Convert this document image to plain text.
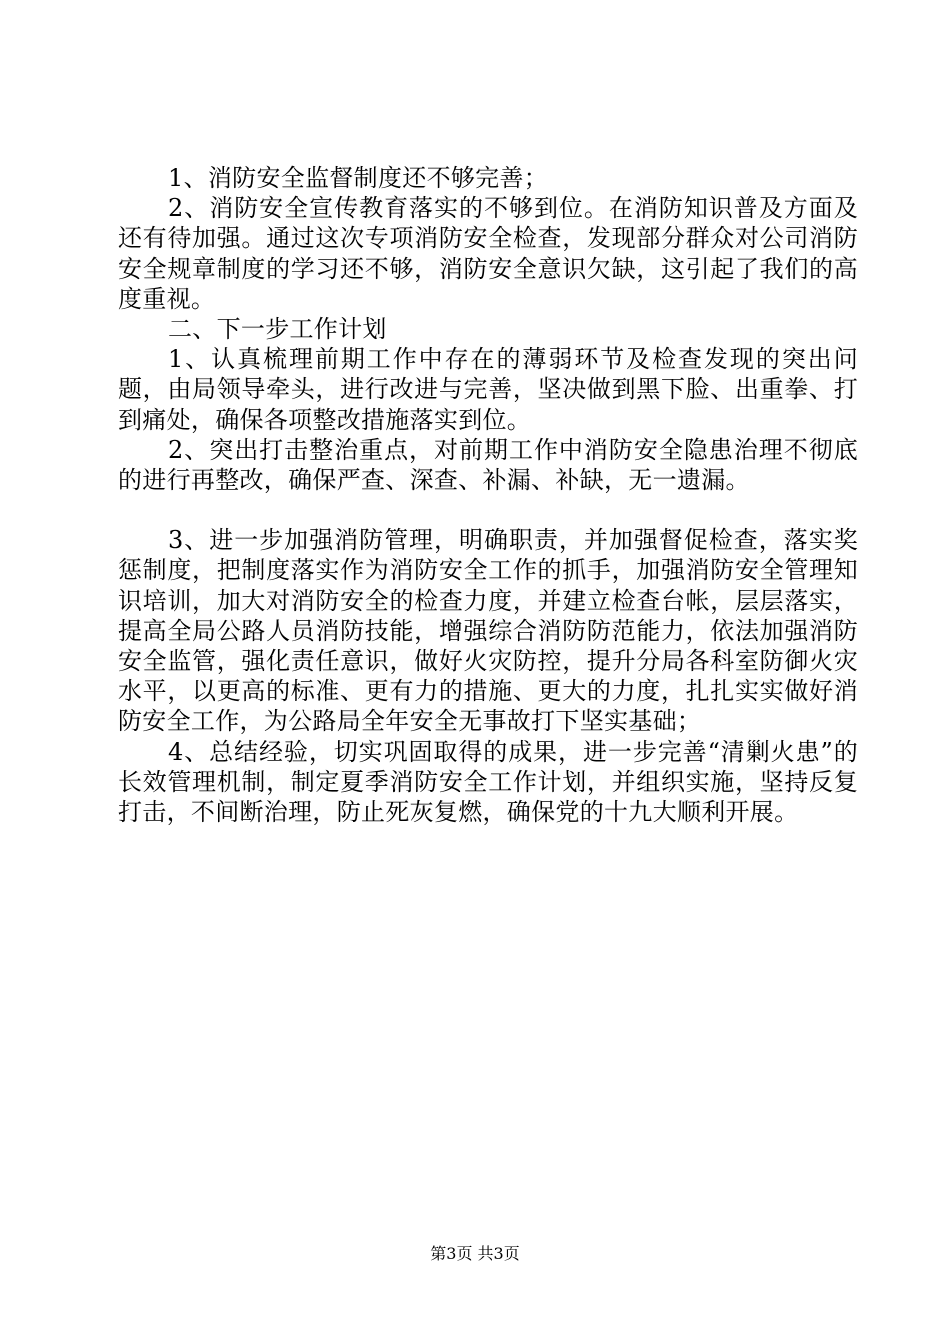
1、消防安全监督制度还不够完善；

2、消防安全宣传教育落实的不够到位。在消防知识普及方面及还有待加强。通过这次专项消防安全检查，发现部分群众对公司消防安全规章制度的学习还不够，消防安全意识欠缺，这引起了我们的高度重视。

二、下一步工作计划

1、认真梳理前期工作中存在的薄弱环节及检查发现的突出问题，由局领导牵头，进行改进与完善，坚决做到黑下脸、出重拳、打到痛处，确保各项整改措施落实到位。

2、突出打击整治重点，对前期工作中消防安全隐患治理不彻底的进行再整改，确保严查、深查、补漏、补缺，无一遗漏。

3、进一步加强消防管理，明确职责，并加强督促检查，落实奖惩制度，把制度落实作为消防安全工作的抓手，加强消防安全管理知识培训，加大对消防安全的检查力度，并建立检查台帐，层层落实，提高全局公路人员消防技能，增强综合消防防范能力，依法加强消防安全监管，强化责任意识，做好火灾防控，提升分局各科室防御火灾水平，以更高的标准、更有力的措施、更大的力度，扎扎实实做好消防安全工作，为公路局全年安全无事故打下坚实基础；

4、总结经验，切实巩固取得的成果，进一步完善“清剿火患”的长效管理机制，制定夏季消防安全工作计划，并组织实施，坚持反复打击，不间断治理，防止死灰复燃，确保党的十九大顺利开展。

第3页 共3页
